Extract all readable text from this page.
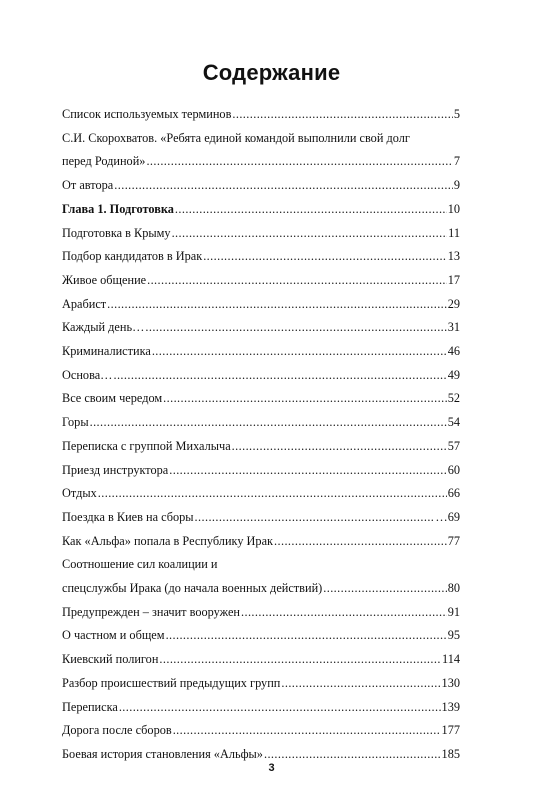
Содержание
Список используемых терминов .....	5
С.И. Скорохватов. «Ребята единой командой выполнили свой долг
перед Родиной» .....	7
От автора .....	9
Глава 1. Подготовка .....	10
Подготовка в Крыму .....	11
Подбор кандидатов в Ирак .....	13
Живое общение .....	17
Арабист .....	29
Каждый день… .....	31
Криминалистика .....	46
Основа… .....	49
Все своим чередом .....	52
Горы .....	54
Переписка с группой Михалыча .....	57
Приезд инструктора .....	60
Отдых .....	66
Поездка в Киев на сборы .....	…69
Как «Альфа» попала в Республику Ирак .....	77
Соотношение сил коалиции и
спецслужбы Ирака (до начала военных действий) .....	80
Предупрежден – значит вооружен .....	91
О частном и общем .....	95
Киевский полигон .....	114
Разбор происшествий предыдущих групп .....	130
Переписка .....	139
Дорога после сборов .....	177
Боевая история становления «Альфы» .....	185
3
